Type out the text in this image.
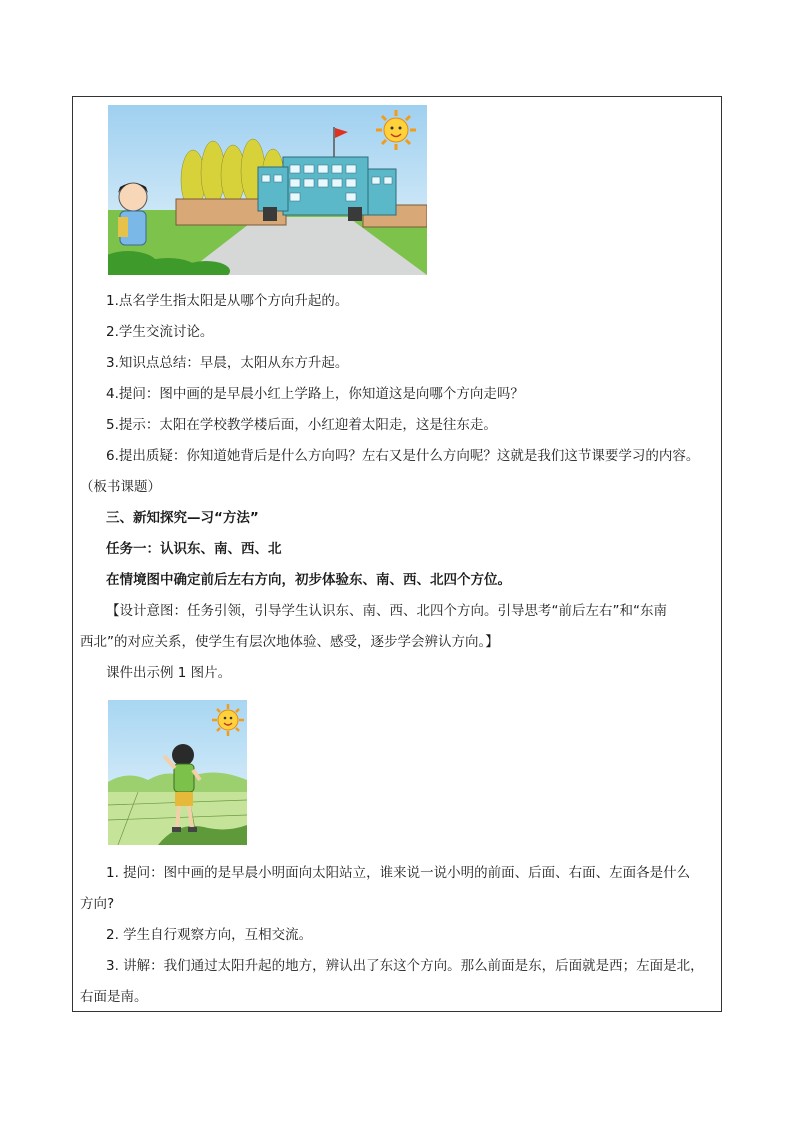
1.点名学生指太阳是从哪个方向升起的。
2.学生交流讨论。
3.知识点总结：早晨，太阳从东方升起。
4.提问：图中画的是早晨小红上学路上，你知道这是向哪个方向走吗？
5.提示：太阳在学校教学楼后面，小红迎着太阳走，这是往东走。
6.提出质疑：你知道她背后是什么方向吗？左右又是什么方向呢？这就是我们这节课要学习的内容。
（板书课题）
三、新知探究—习“方法”
任务一：认识东、南、西、北
在情境图中确定前后左右方向，初步体验东、南、西、北四个方位。
【设计意图：任务引领，引导学生认识东、南、西、北四个方向。引导思考“前后左右”和“东南
西北”的对应关系，使学生有层次地体验、感受，逐步学会辨认方向。】
课件出示例 1 图片。
1. 提问：图中画的是早晨小明面向太阳站立，谁来说一说小明的前面、后面、右面、左面各是什么
方向?
2. 学生自行观察方向，互相交流。
3. 讲解：我们通过太阳升起的地方，辨认出了东这个方向。那么前面是东，后面就是西；左面是北，
右面是南。
